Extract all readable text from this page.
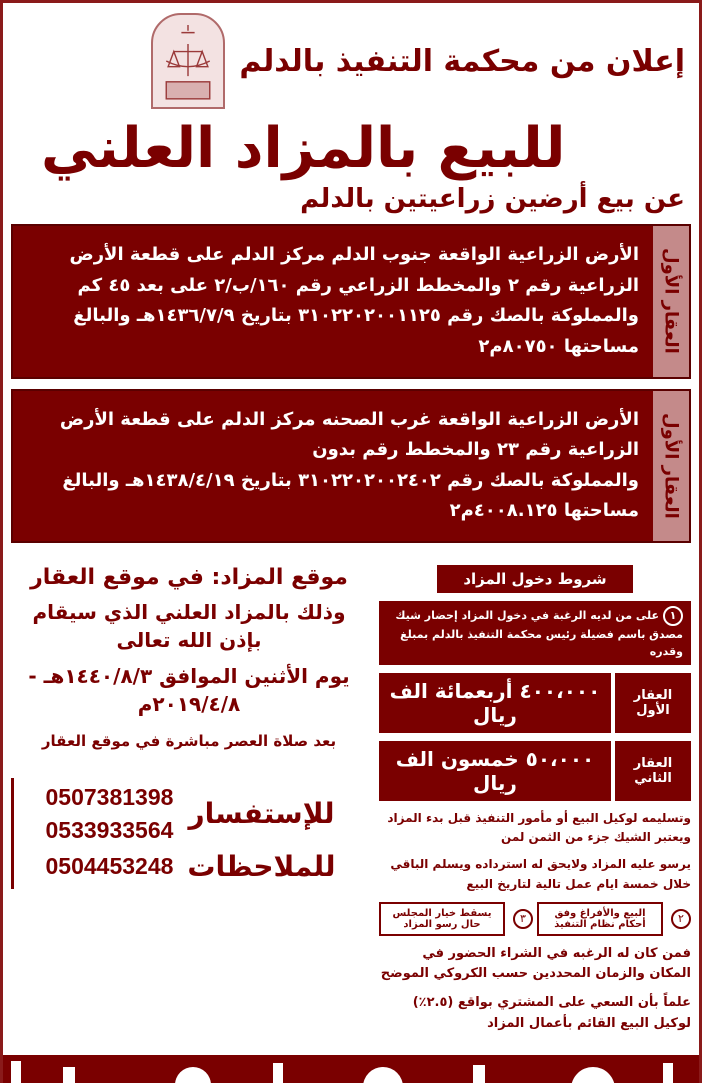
إعلان من محكمة التنفيذ بالدلم
للبيع بالمزاد العلني
عن بيع أرضين زراعيتين بالدلم
العقار الأول
الأرض الزراعية الواقعة جنوب الدلم مركز الدلم على قطعة الأرض الزراعية رقم ٢ والمخطط الزراعي رقم ١٦٠/ب/٢ على بعد ٤٥ كم
والمملوكة بالصك رقم ٣١٠٢٢٠٢٠٠١١٢٥ بتاريخ ١٤٣٦/٧/٩هـ والبالغ مساحتها ٨٠٧٥٠م٢
العقار الأول
الأرض الزراعية الواقعة غرب الصحنه مركز الدلم على قطعة الأرض الزراعية رقم ٢٣ والمخطط رقم بدون
والمملوكة بالصك رقم ٣١٠٢٢٠٢٠٠٢٤٠٢ بتاريخ ١٤٣٨/٤/١٩هـ والبالغ مساحتها ٤٠٠٨.١٢٥م٢
شروط دخول المزاد
١على من لديه الرغبة في دخول المزاد إحضار شيك مصدق باسم فضيلة رئيس محكمة التنفيذ بالدلم بمبلغ وقدره
العقار الأول
٤٠٠،٠٠٠ أربعمائة الف ريال
العقار الثاني
٥٠،٠٠٠ خمسون الف ريال
وتسليمه لوكيل البيع أو مأمور التنفيذ قبل بدء المزاد ويعتبر الشيك جزء من الثمن لمن
يرسو عليه المزاد ولايحق له استرداده ويسلم الباقي خلال خمسة ايام عمل تالية لتاريخ البيع
٢
البيع والأفراغ وفق أحكام نظام التنفيذ
٣
يسقط خيار المجلس حال رسو المزاد
فمن كان له الرغبه في الشراء الحضور في المكان والزمان المحددين حسب الكروكي الموضح
علماً بأن السعي على المشتري بواقع (٢.٥٪) لوكيل البيع القائم بأعمال المزاد
موقع المزاد: في موقع العقار
وذلك بالمزاد العلني الذي سيقام بإذن الله تعالى
يوم الأثنين الموافق ١٤٤٠/٨/٣هـ - ٢٠١٩/٤/٨م
بعد صلاة العصر مباشرة في موقع العقار
للإستفسار
0507381398
0533933564
للملاحظات
0504453248
